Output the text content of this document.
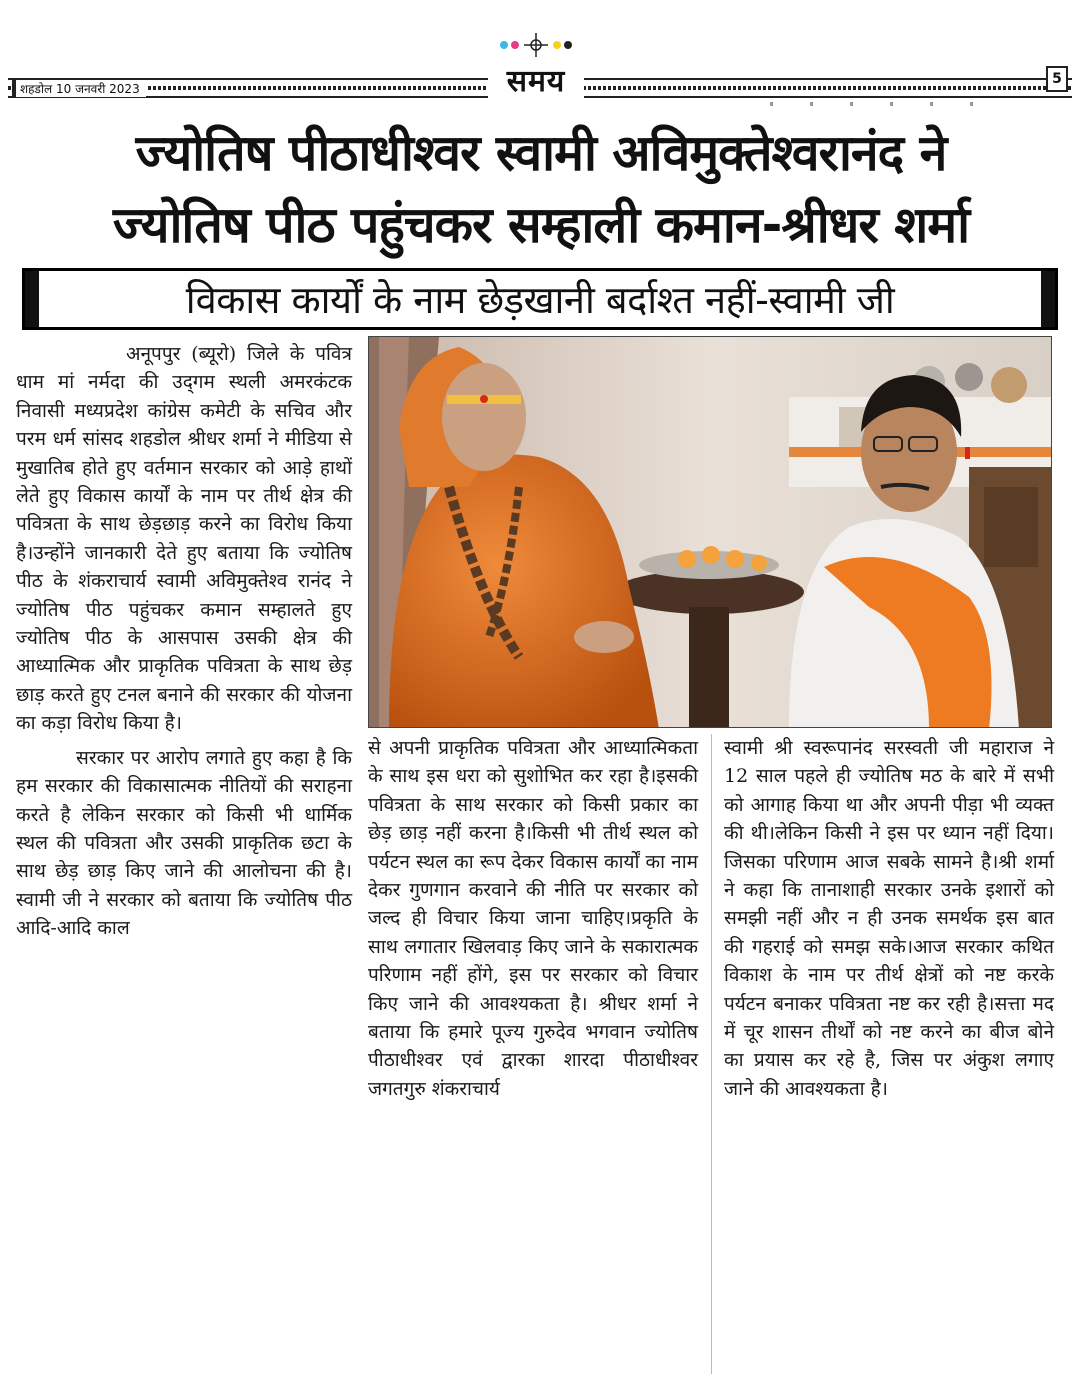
शहडोल 10 जनवरी 2023	समय	5
ज्योतिष पीठाधीश्वर स्वामी अविमुक्तेश्वरानंद ने
ज्योतिष पीठ पहुंचकर सम्हाली कमान-श्रीधर शर्मा
विकास कार्यों के नाम छेड़खानी बर्दाश्त नहीं-स्वामी जी

अनूपपुर (ब्यूरो) जिले के पवित्र धाम मां नर्मदा की उद्‌गम स्थली अमरकंटक निवासी मध्यप्रदेश कांग्रेस कमेटी के सचिव और परम धर्म सांसद शहडोल श्रीधर शर्मा ने मीडिया से मुखातिब होते हुए वर्तमान सरकार को आड़े हाथों लेते हुए विकास कार्यों के नाम पर तीर्थ क्षेत्र की पवित्रता के साथ छेड़छाड़ करने का विरोध किया है।उन्होंने जानकारी देते हुए बताया कि ज्योतिष पीठ के शंकराचार्य स्वामी अविमुक्तेश्व रानंद ने ज्योतिष पीठ पहुंचकर कमान सम्हालते हुए ज्योतिष पीठ के आसपास उसकी क्षेत्र की आध्यात्मिक और प्राकृतिक पवित्रता के साथ छेड़ छाड़ करते हुए टनल बनाने की सरकार की योजना का कड़ा विरोध किया है।

सरकार पर आरोप लगाते हुए कहा है कि हम सरकार की विकासात्मक नीतियों की सराहना करते है लेकिन सरकार को किसी भी धार्मिक स्थल की पवित्रता और उसकी प्राकृतिक छटा के साथ छेड़ छाड़ किए जाने की आलोचना की है।स्वामी जी ने सरकार को बताया कि ज्योतिष पीठ आदि-आदि काल

से अपनी प्राकृतिक पवित्रता और आध्यात्मिकता के साथ इस धरा को सुशोभित कर रहा है।इसकी पवित्रता के साथ सरकार को किसी प्रकार का छेड़ छाड़ नहीं करना है।किसी भी तीर्थ स्थल को पर्यटन स्थल का रूप देकर विकास कार्यों का नाम देकर गुणगान करवाने की नीति पर सरकार को जल्द ही विचार किया जाना चाहिए।प्रकृति के साथ लगातार खिलवाड़ किए जाने के सकारात्मक परिणाम नहीं होंगे, इस पर सरकार को विचार किए जाने की आवश्यकता है। श्रीधर शर्मा ने बताया कि हमारे पूज्य गुरुदेव भगवान ज्योतिष पीठाधीश्वर एवं द्वारका शारदा पीठाधीश्वर जगतगुरु शंकराचार्य

स्वामी श्री स्वरूपानंद सरस्वती जी महाराज ने 12 साल पहले ही ज्योतिष मठ के बारे में सभी को आगाह किया था और अपनी पीड़ा भी व्यक्त की थी।लेकिन किसी ने इस पर ध्यान नहीं दिया।जिसका परिणाम आज सबके सामने है।श्री शर्मा ने कहा कि तानाशाही सरकार उनके इशारों को समझी नहीं और न ही उनक समर्थक इस बात की गहराई को समझ सके।आज सरकार कथित विकाश के नाम पर तीर्थ क्षेत्रों को नष्ट करके पर्यटन बनाकर पवित्रता नष्ट कर रही है।सत्ता मद में चूर शासन तीर्थों को नष्ट करने का बीज बोने का प्रयास कर रहे है, जिस पर अंकुश लगाए जाने की आवश्यकता है।
